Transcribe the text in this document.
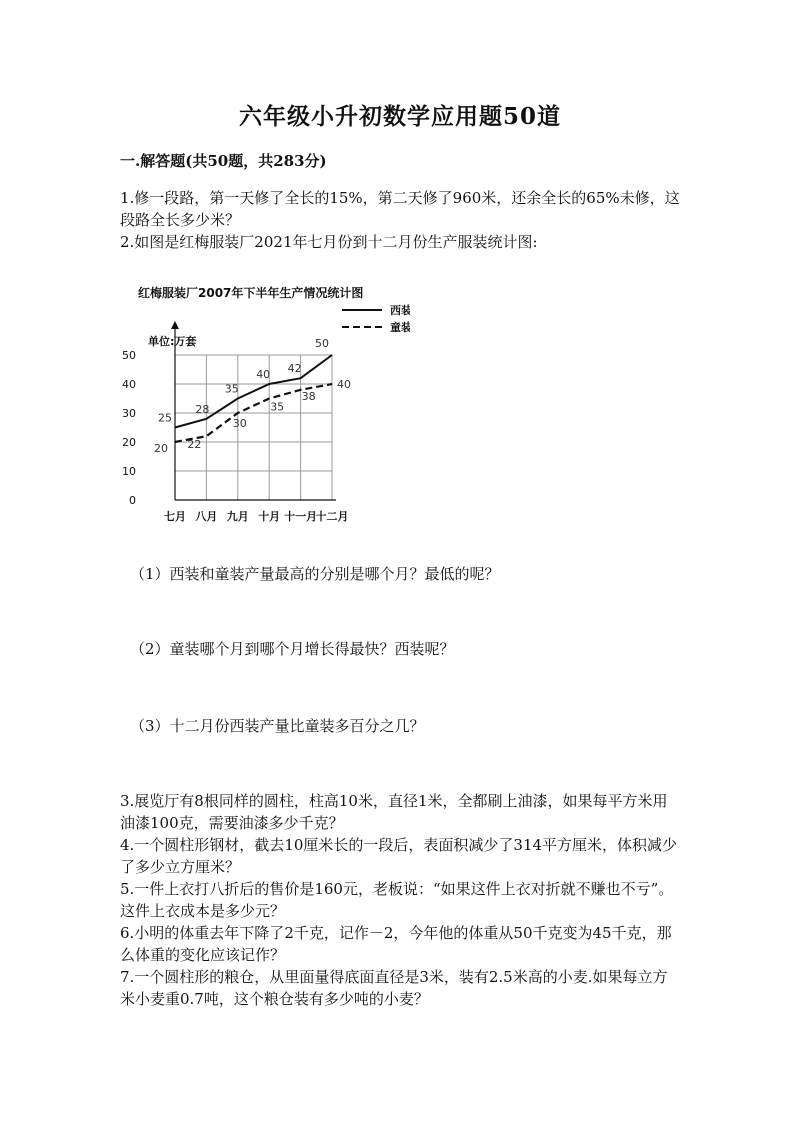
六年级小升初数学应用题50道
一.解答题(共50题，共283分)
1.修一段路，第一天修了全长的15%，第二天修了960米，还余全长的65%未修，这段路全长多少米？
2.如图是红梅服装厂2021年七月份到十二月份生产服装统计图:
红梅服装厂2007年下半年生产情况统计图
单位:万套
0
10
20
30
40
50
七月 八月 九月 十月 十一月
十二月
25
28
35
40 42
50
20 22
30
35
38
40
西装
童装
（1）西装和童装产量最高的分别是哪个月？最低的呢？
（2）童装哪个月到哪个月增长得最快？西装呢？
（3）十二月份西装产量比童装多百分之几？
3.展览厅有8根同样的圆柱，柱高10米，直径1米，全都刷上油漆，如果每平方米用油漆100克，需要油漆多少千克？
4.一个圆柱形钢材，截去10厘米长的一段后，表面积减少了314平方厘米，体积减少了多少立方厘米？
5.一件上衣打八折后的售价是160元，老板说：“如果这件上衣对折就不赚也不亏”。这件上衣成本是多少元？
6.小明的体重去年下降了2千克，记作－2，今年他的体重从50千克变为45千克，那么体重的变化应该记作？
7.一个圆柱形的粮仓，从里面量得底面直径是3米，装有2.5米高的小麦.如果每立方米小麦重0.7吨，这个粮仓装有多少吨的小麦？
